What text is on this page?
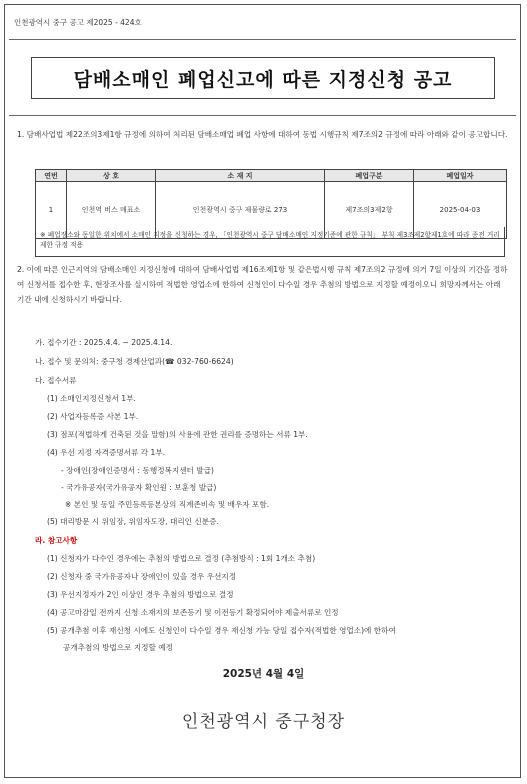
인천광역시 중구 공고 제2025 - 424호
담배소매인 폐업신고에 따른 지정신청 공고
1. 담배사업법 제22조의3제1항 규정에 의하여 처리된 담배소매업 폐업 사항에 대하여 동법 시행규칙 제7조의2 규정에 따라 아래와 같이 공고합니다.
연번	상 호	소 재 지	폐업구분	폐업일자
1	인천역 버스 매표소	인천광역시 중구 제물량로 273	제7조의3제2항	2025-04-03
※ 폐업장소와 동일한 위치에서 소매인 지정을 신청하는 경우, 「인천광역시 중구 담배소매인 지정기준에 관한 규칙」 부칙 제3조제2항제1호에 따라 종전 거리제한 규정 적용
2. 이에 따른 인근지역의 담배소매인 지정신청에 대하여 담배사업법 제16조제1항 및 같은법시행 규칙 제7조의2 규정에 의거 7일 이상의 기간을 정하여 신청서를 접수한 후, 현장조사를 실시하여 적법한 영업소에 한하여 신청인이 다수일 경우 추첨의 방법으로 지정할 예정이오니 희망자께서는 아래 기간 내에 신청하시기 바랍니다.
가. 접수기간 : 2025.4.4. ~ 2025.4.14.
나. 접수 및 문의처: 중구청 경제산업과(☎ 032-760-6624)
다. 접수서류
(1) 소매인지정신청서 1부.
(2) 사업자등록증 사본 1부.
(3) 점포(적법하게 건축된 것을 말함)의 사용에 관한 권리를 증명하는 서류 1부.
(4) 우선 지정 자격증명서류 각 1부.
- 장애인(장애인증명서 : 동행정복지센터 발급)
- 국가유공자(국가유공자 확인원 : 보훈청 발급)
※ 본인 및 동일 주민등록등본상의 직계존비속 및 배우자 포함.
(5) 대리방문 시 위임장, 위임자도장, 대리인 신분증.
라. 참고사항
(1) 신청자가 다수인 경우에는 추첨의 방법으로 결정 (추첨방식 : 1회 1개소 추첨)
(2) 신청자 중 국가유공자나 장애인이 있을 경우 우선지정
(3) 우선지정자가 2인 이상인 경우 추첨의 방법으로 결정
(4) 공고마감일 전까지 신청 소재지의 보존등기 및 이전등기 확정되어야 제출서류로 인정
(5) 공개추첨 이후 재신청 시에도 신청인이 다수일 경우 재신청 가능 당일 접수자(적법한 영업소)에 한하여
공개추첨의 방법으로 지정할 예정
2025년 4월 4일
인천광역시 중구청장
